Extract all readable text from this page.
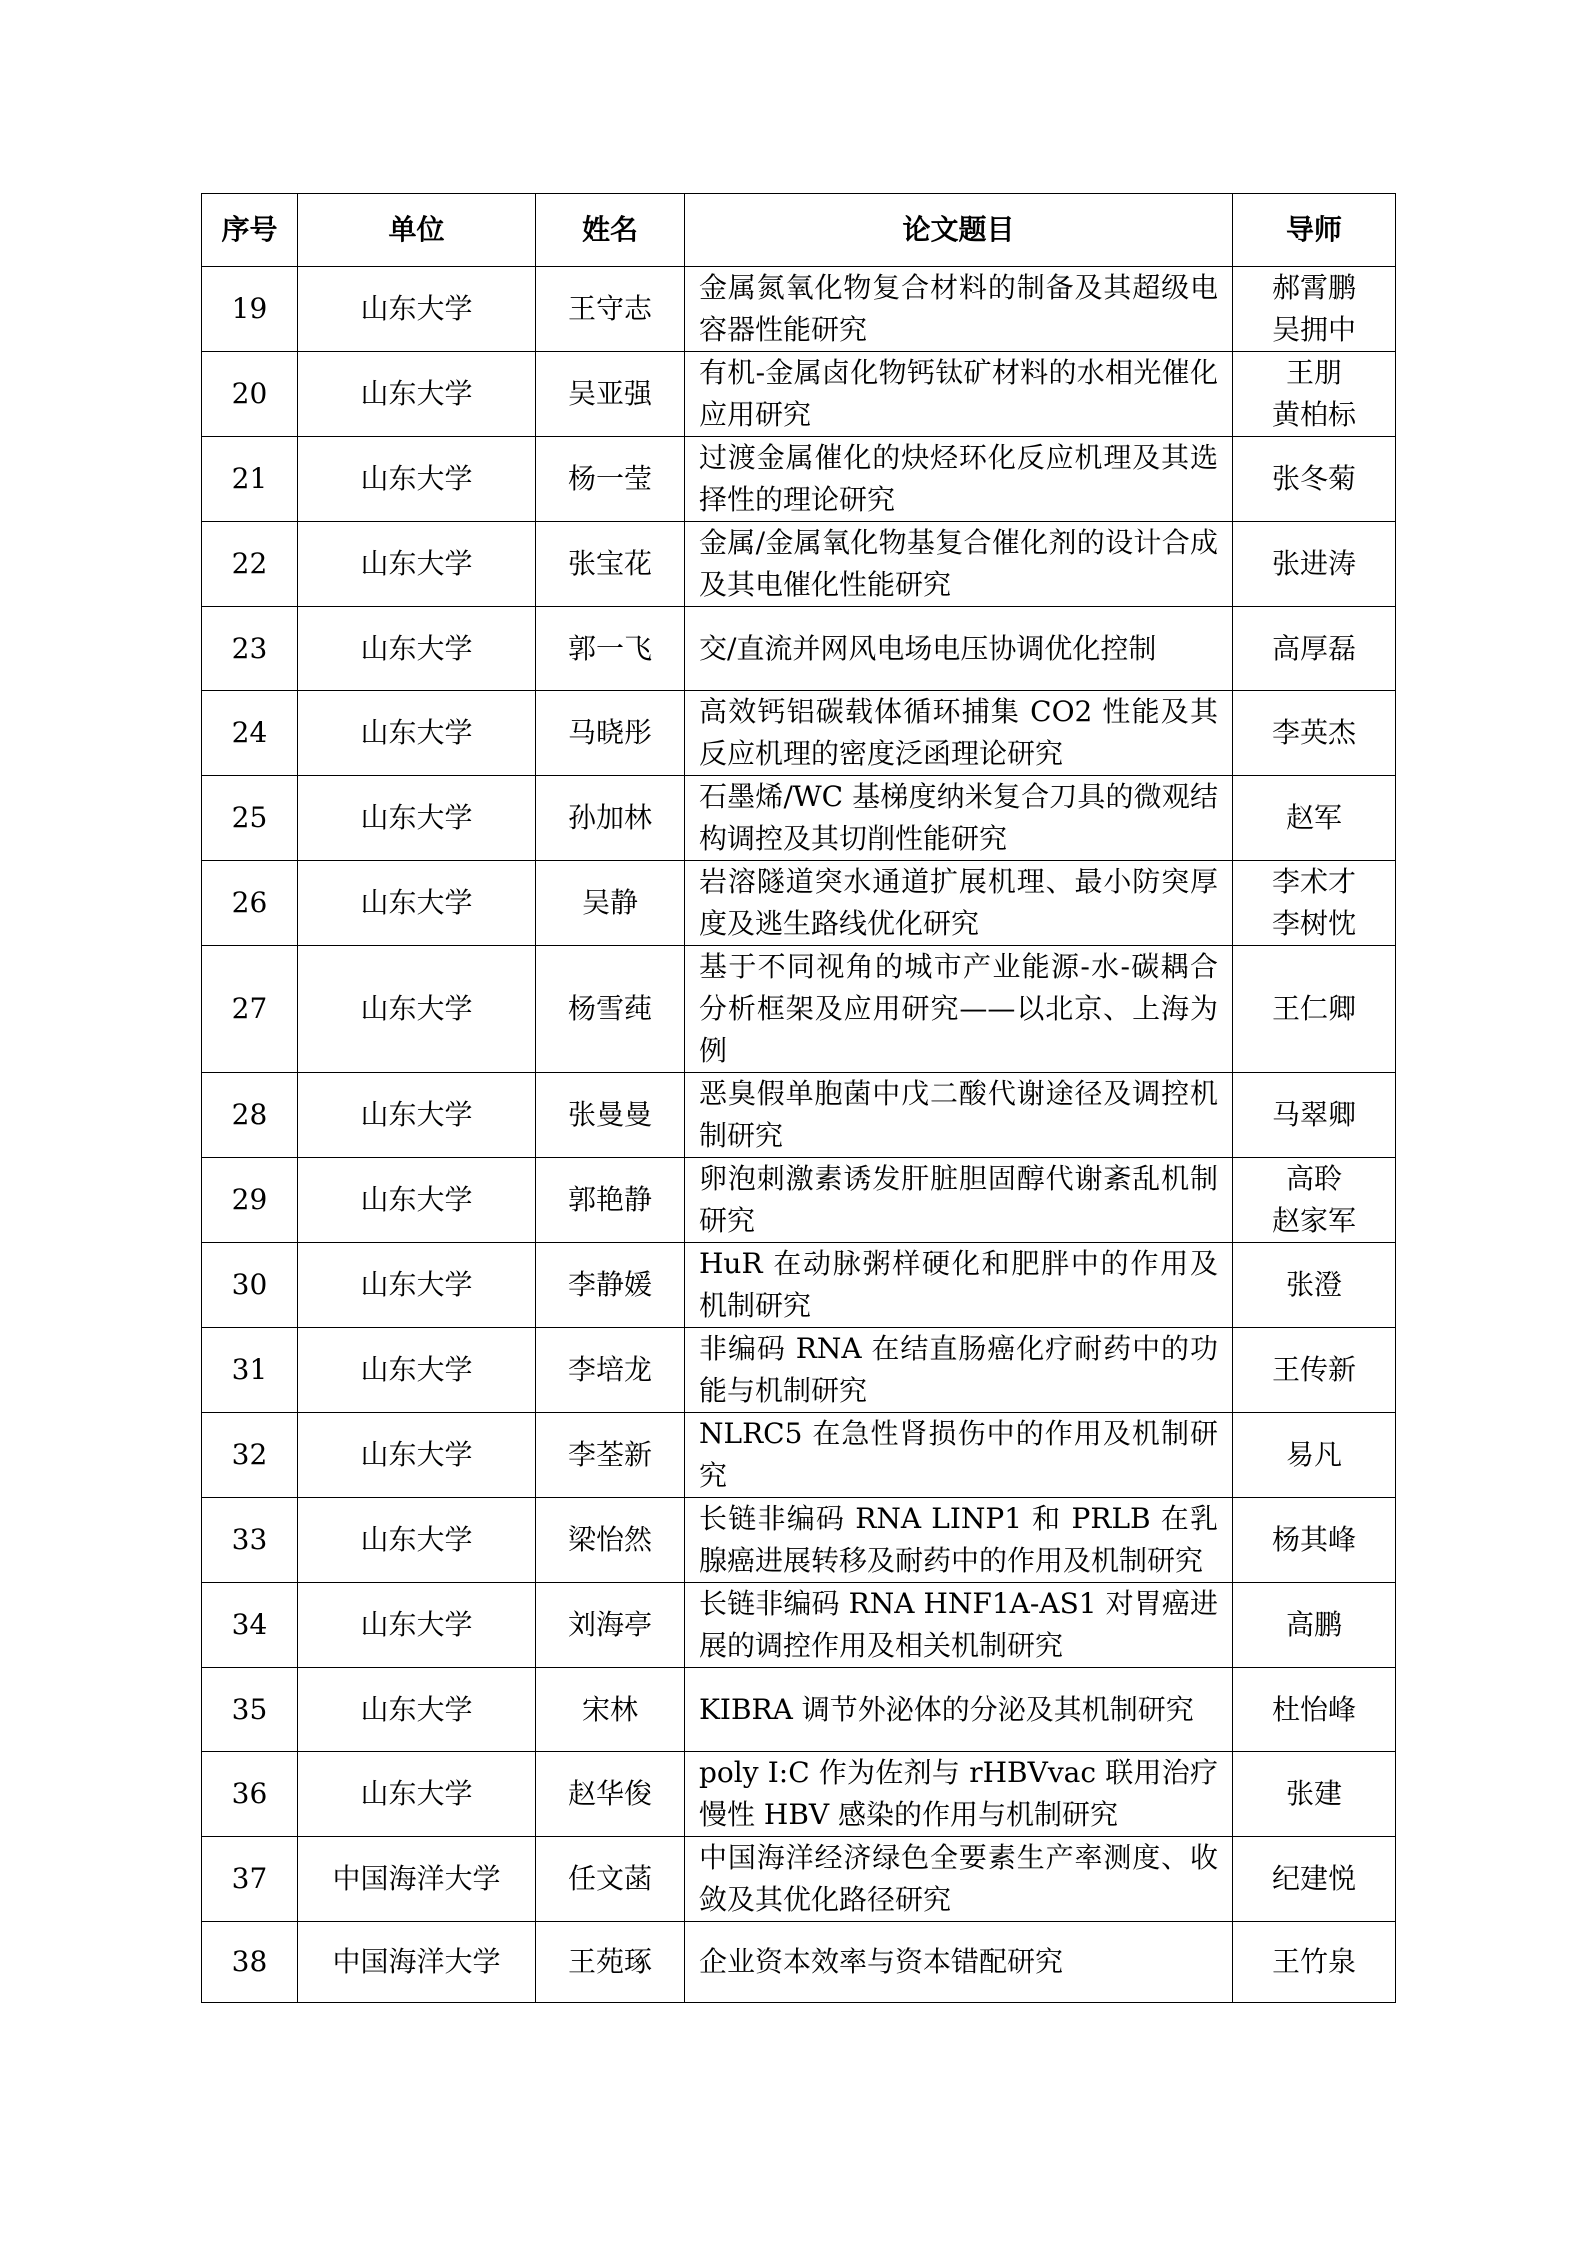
序号	单位	姓名	论文题目	导师
19	山东大学	王守志	金属氮氧化物复合材料的制备及其超级电容器性能研究	郝霄鹏
吴拥中

20	山东大学	吴亚强	有机-金属卤化物钙钛矿材料的水相光催化应用研究	王朋
黄柏标

21	山东大学	杨一莹	过渡金属催化的炔烃环化反应机理及其选择性的理论研究	张冬菊

22	山东大学	张宝花	金属/金属氧化物基复合催化剂的设计合成及其电催化性能研究	张进涛

23	山东大学	郭一飞	交/直流并网风电场电压协调优化控制	高厚磊

24	山东大学	马晓彤	高效钙铝碳载体循环捕集 CO2 性能及其反应机理的密度泛函理论研究	李英杰

25	山东大学	孙加林	石墨烯/WC 基梯度纳米复合刀具的微观结构调控及其切削性能研究	赵军

26	山东大学	吴静	岩溶隧道突水通道扩展机理、最小防突厚度及逃生路线优化研究	李术才
李树忱

27	山东大学	杨雪莼	基于不同视角的城市产业能源-水-碳耦合分析框架及应用研究——以北京、上海为例	王仁卿

28	山东大学	张曼曼	恶臭假单胞菌中戊二酸代谢途径及调控机制研究	马翠卿

29	山东大学	郭艳静	卵泡刺激素诱发肝脏胆固醇代谢紊乱机制研究	高聆
赵家军

30	山东大学	李静媛	HuR 在动脉粥样硬化和肥胖中的作用及机制研究	张澄

31	山东大学	李培龙	非编码 RNA 在结直肠癌化疗耐药中的功能与机制研究	王传新

32	山东大学	李荃新	NLRC5 在急性肾损伤中的作用及机制研究	易凡

33	山东大学	梁怡然	长链非编码 RNA LINP1 和 PRLB 在乳腺癌进展转移及耐药中的作用及机制研究	杨其峰

34	山东大学	刘海亭	长链非编码 RNA HNF1A-AS1 对胃癌进展的调控作用及相关机制研究	高鹏

35	山东大学	宋林	KIBRA 调节外泌体的分泌及其机制研究	杜怡峰

36	山东大学	赵华俊	poly I:C 作为佐剂与 rHBVvac 联用治疗慢性 HBV 感染的作用与机制研究	张建

37	中国海洋大学	任文菡	中国海洋经济绿色全要素生产率测度、收敛及其优化路径研究	纪建悦

38	中国海洋大学	王苑琢	企业资本效率与资本错配研究	王竹泉
